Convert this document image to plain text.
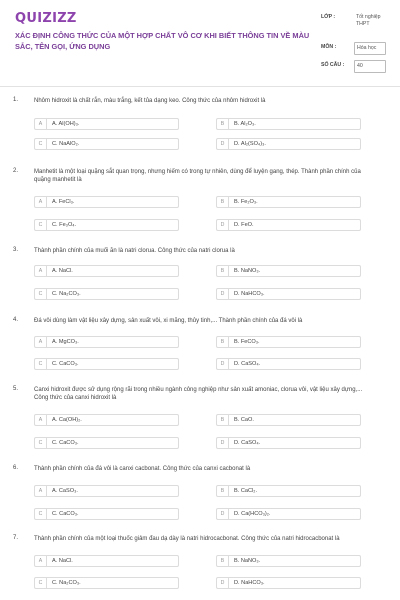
QUIZIZZ
XÁC ĐỊNH CÔNG THỨC CỦA MỘT HỢP CHẤT VÔ CƠ KHI BIẾT THÔNG TIN VỀ MÀU SẮC, TÊN GỌI, ỨNG DỤNG
LỚP :	Tốt nghiệp THPT
MÔN :	Hóa học
SỐ CÂU :	40
1.	Nhôm hidroxit là chất rắn, màu trắng, kết tủa dạng keo. Công thức của nhôm hidroxit là
A	A. Al(OH)₃.	B	B. Al₂O₃.
C	C. NaAlO₂.	D	D. Al₂(SO₄)₃.
2.	Manhetit là một loại quặng sắt quan trọng, nhưng hiếm có trong tự nhiên, dùng để luyện gang, thép. Thành phần chính của quặng manhetit là
A	A. FeCl₃.	B	B. Fe₂O₃.
C	C. Fe₃O₄.	D	D. FeO.
3.	Thành phần chính của muối ăn là natri clorua. Công thức của natri clorua là
A	A. NaCl.	B	B. NaNO₃.
C	C. Na₂CO₃.	D	D. NaHCO₃.
4.	Đá vôi dùng làm vật liệu xây dựng, sản xuất vôi, xi măng, thủy tinh,... Thành phần chính của đá vôi là
A	A. MgCO₃.	B	B. FeCO₃.
C	C. CaCO₃.	D	D. CaSO₄.
5.	Canxi hidroxit được sử dụng rộng rãi trong nhiều ngành công nghiệp như sản xuất amoniac, clorua vôi, vật liệu xây dựng,... Công thức của canxi hidroxit là
A	A. Ca(OH)₂.	B	B. CaO.
C	C. CaCO₃.	D	D. CaSO₄.
6.	Thành phần chính của đá vôi là canxi cacbonat. Công thức của canxi cacbonat là
A	A. CaSO₃.	B	B. CaCl₂.
C	C. CaCO₃.	D	D. Ca(HCO₃)₂.
7.	Thành phần chính của một loại thuốc giảm đau dạ dày là natri hidrocacbonat. Công thức của natri hidrocacbonat là
A	A. NaCl.	B	B. NaNO₃.
C	C. Na₂CO₃.	D	D. NaHCO₃.
